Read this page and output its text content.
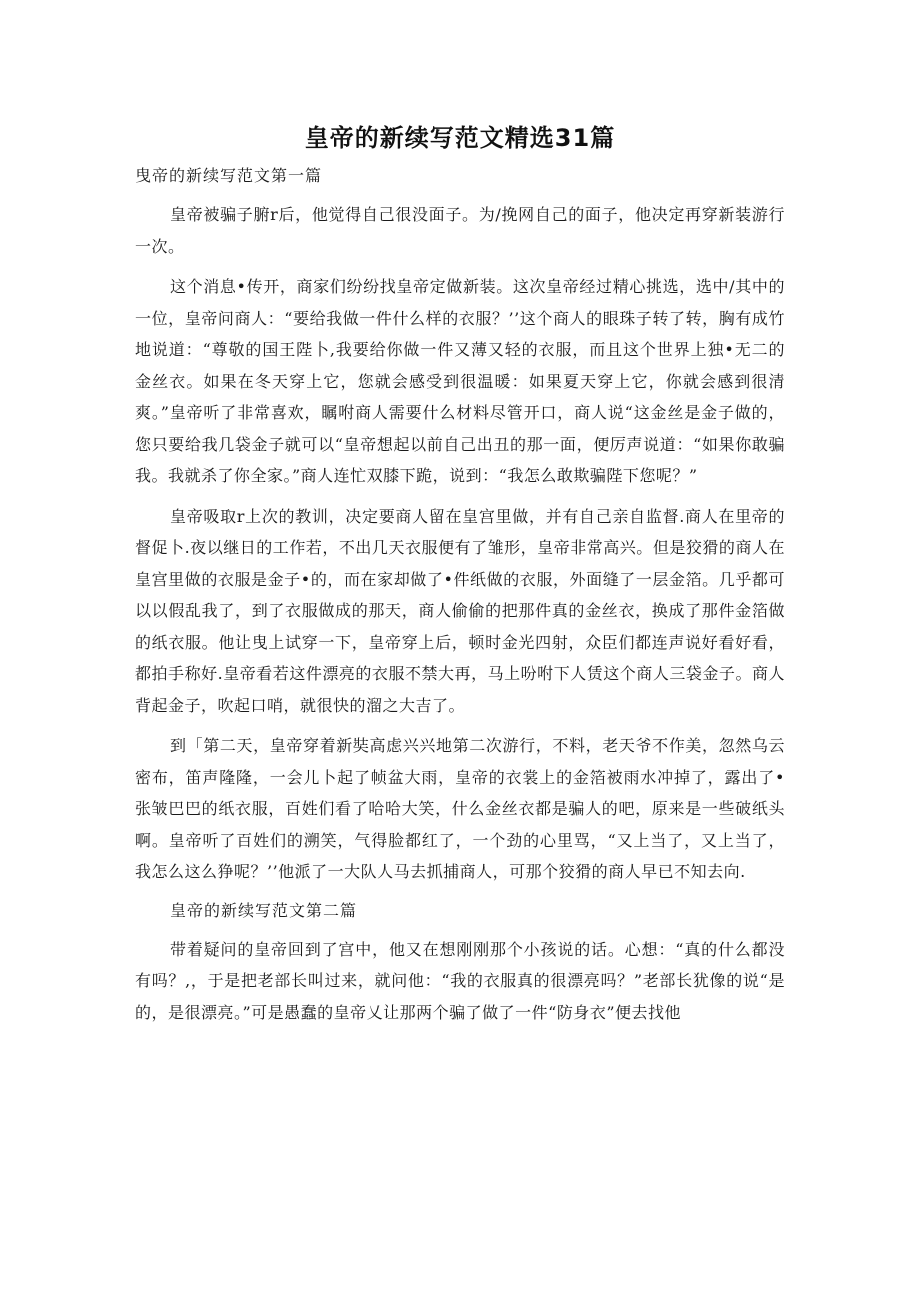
皇帝的新续写范文精选31篇
曳帝的新续写范文第一篇

皇帝被骗子腑r后，他觉得自己很没面子。为/挽网自己的面子，他决定再穿新装游行一次。

这个消息•传开，商家们纷纷找皇帝定做新装。这次皇帝经过精心挑选，选中/其中的一位，皇帝问商人：“要给我做一件什么样的衣服？’’这个商人的眼珠子转了转，胸有成竹地说道：“尊敬的国王陛卜,我要给你做一件又薄又轻的衣服，而且这个世界上独•无二的金丝衣。如果在冬天穿上它，您就会感受到很温暖：如果夏天穿上它，你就会感到很清爽。”皇帝听了非常喜欢，瞩咐商人需要什么材料尽管开口，商人说“这金丝是金子做的，您只要给我几袋金子就可以“皇帝想起以前自己出丑的那一面，便厉声说道：“如果你敢骗我。我就杀了你全家。”商人连忙双膝下跪，说到：“我怎么敢欺骗陛下您呢？”

皇帝吸取r上次的教训，决定要商人留在皇宫里做，并有自己亲自监督.商人在里帝的督促卜.夜以继日的工作若，不出几天衣服便有了雏形，皇帝非常高兴。但是狡猾的商人在皇宫里做的衣服是金子•的，而在家却做了•件纸做的衣服，外面缝了一层金箔。几乎都可以以假乱我了，到了衣服做成的那天，商人偷偷的把那件真的金丝衣，换成了那件金箔做的纸衣服。他让曳上试穿一下，皇帝穿上后，顿时金光四射，众臣们都连声说好看好看，都拍手称好.皇帝看若这件漂亮的衣服不禁大再，马上吩咐下人赁这个商人三袋金子。商人背起金子，吹起口哨，就很快的溜之大吉了。

到「第二天，皇帝穿着新奘高虑兴兴地第二次游行，不料，老天爷不作美，忽然乌云密布，笛声隆隆，一会儿卜起了帧盆大雨，皇帝的衣裳上的金箔被雨水冲掉了，露出了•张皱巴巴的纸衣服，百姓们看了哈哈大笑，什么金丝衣都是骗人的吧，原来是一些破纸头啊。皇帝听了百姓们的溯笑，气得脸都红了，一个劲的心里骂，“又上当了，又上当了，我怎么这么狰呢？’’他派了一大队人马去抓捕商人，可那个狡猾的商人早已不知去向.

皇帝的新续写范文第二篇

带着疑问的皇帝回到了宫中，他又在想刚刚那个小孩说的话。心想：“真的什么都没有吗？,，于是把老部长叫过来，就问他：“我的衣服真的很漂亮吗？”老部长犹像的说“是的，是很漂亮。”可是愚蠢的皇帝乂让那两个骗了做了一件“防身衣”便去找他
